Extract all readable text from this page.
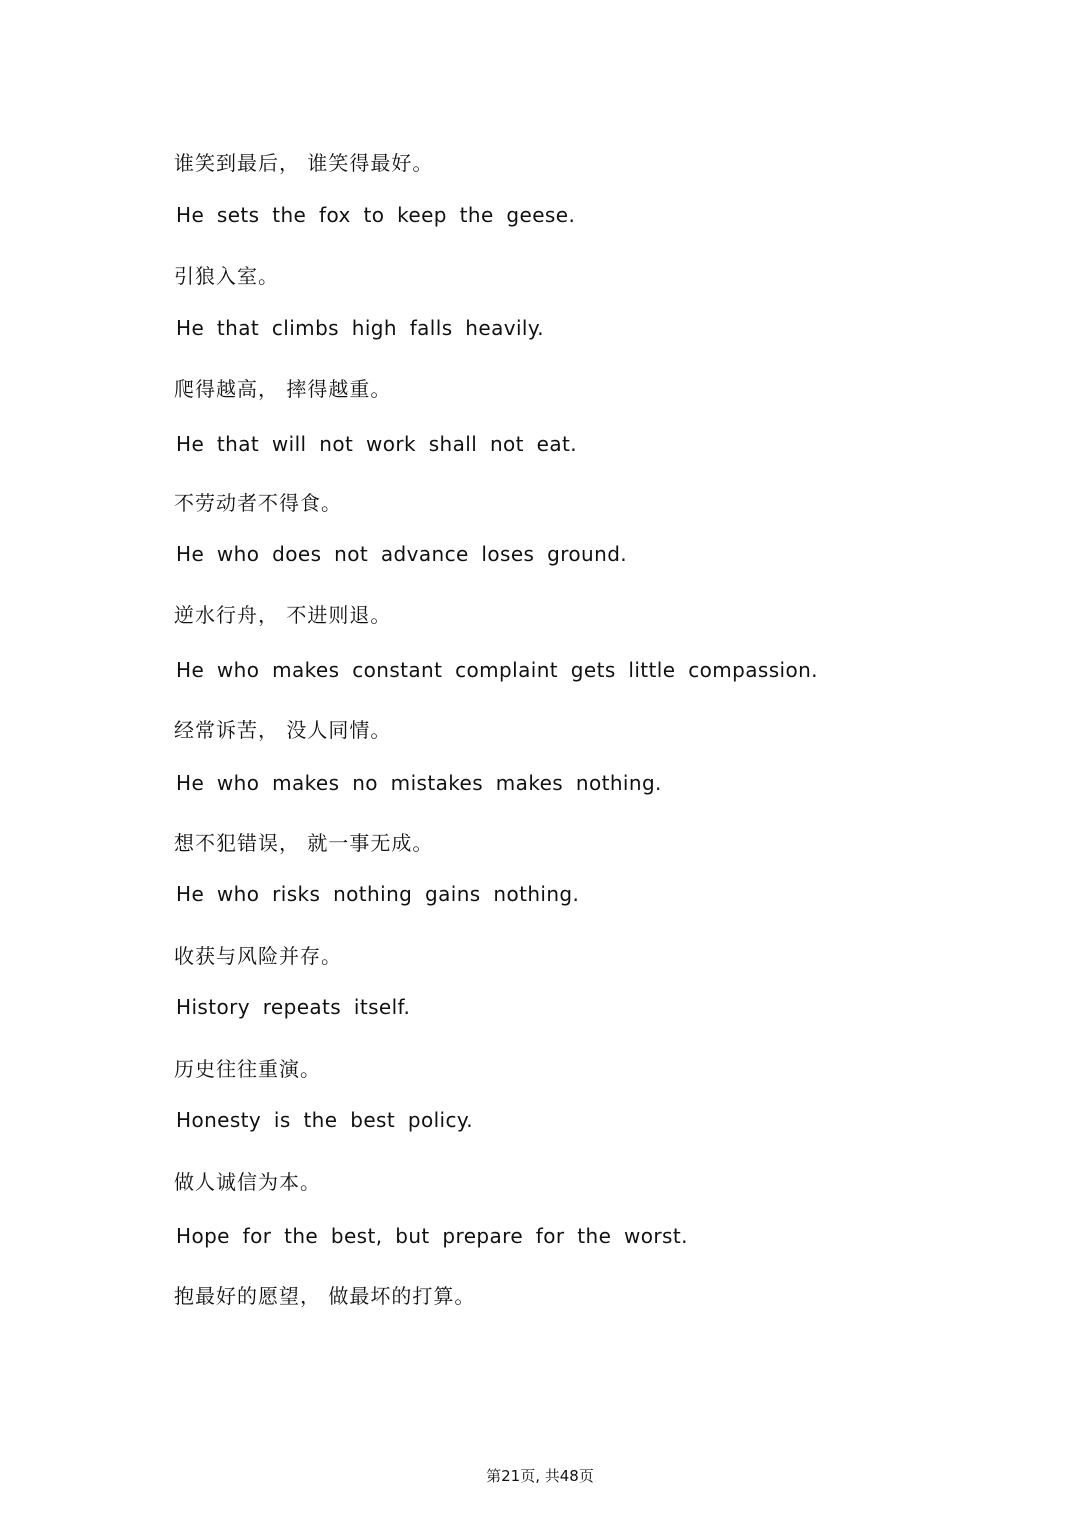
谁笑到最后， 谁笑得最好。
He sets the fox to keep the geese.
引狼入室。
He that climbs high falls heavily.
爬得越高， 摔得越重。
He that will not work shall not eat.
不劳动者不得食。
He who does not advance loses ground.
逆水行舟， 不进则退。
He who makes constant complaint gets little compassion.
经常诉苦， 没人同情。
He who makes no mistakes makes nothing.
想不犯错误， 就一事无成。
He who risks nothing gains nothing.
收获与风险并存。
History repeats itself.
历史往往重演。
Honesty is the best policy.
做人诚信为本。
Hope for the best, but prepare for the worst.
抱最好的愿望， 做最坏的打算。
第21页, 共48页
